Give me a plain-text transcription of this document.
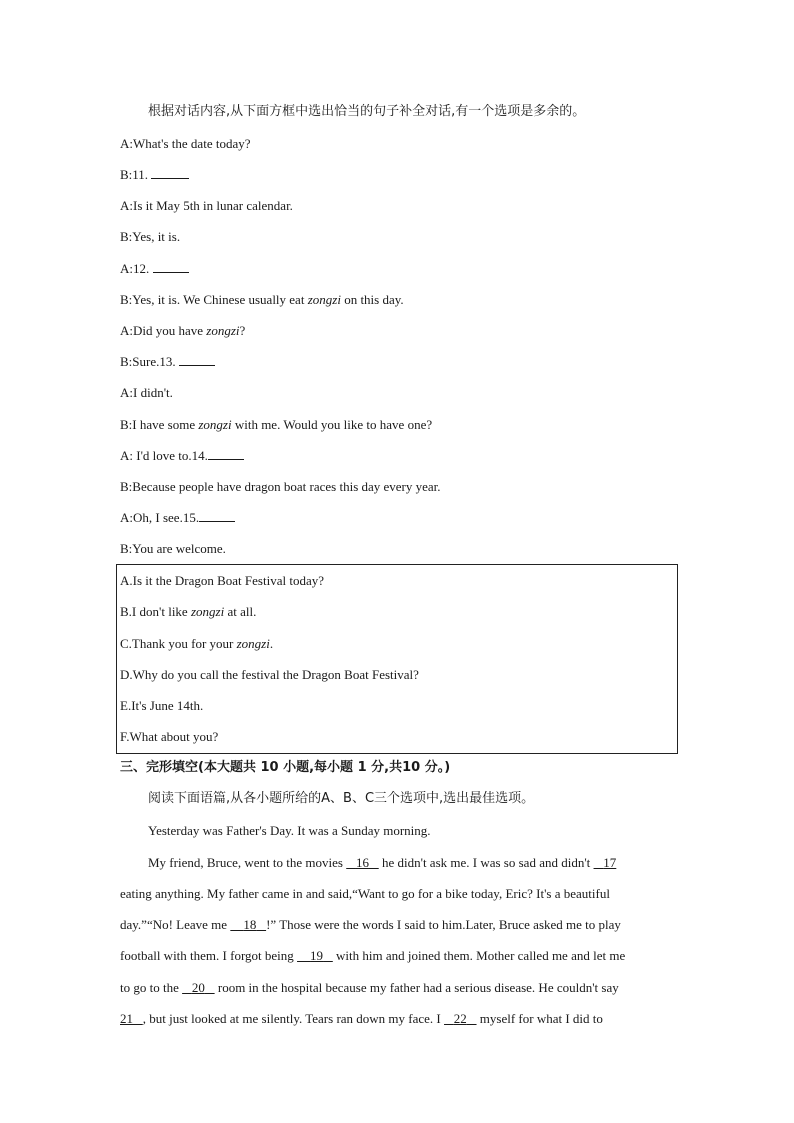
根据对话内容,从下面方框中选出恰当的句子补全对话,有一个选项是多余的。
A:What's the date today?
B:11.
A:Is it May 5th in lunar calendar.
B:Yes, it is.
A:12.
B:Yes, it is. We Chinese usually eat zongzi on this day.
A:Did you have zongzi?
B:Sure.13.
A:I didn't.
B:I have some zongzi with me. Would you like to have one?
A: I'd love to.14.
B:Because people have dragon boat races this day every year.
A:Oh, I see.15.
B:You are welcome.
A.Is it the Dragon Boat Festival today?
B.I don't like zongzi at all.
C.Thank you for your zongzi.
D.Why do you call the festival the Dragon Boat Festival?
E.It's June 14th.
F.What about you?
三、完形填空(本大题共 10 小题,每小题 1 分,共10 分。)
阅读下面语篇,从各小题所给的A、B、C三个选项中,选出最佳选项。
Yesterday was Father's Day. It was a Sunday morning.
My friend, Bruce, went to the movies    16    he didn't ask me. I was so sad and didn't    17
eating anything. My father came in and said,“Want to go for a bike today, Eric? It's a beautiful
day.”“No! Leave me     18 !” Those were the words I said to him.Later, Bruce asked me to play
football with them. I forgot being     19    with him and joined them. Mother called me and let me
to go to the    20    room in the hospital because my father had a serious disease. He couldn't say
21 , but just looked at me silently. Tears ran down my face. I    22    myself for what I did to
